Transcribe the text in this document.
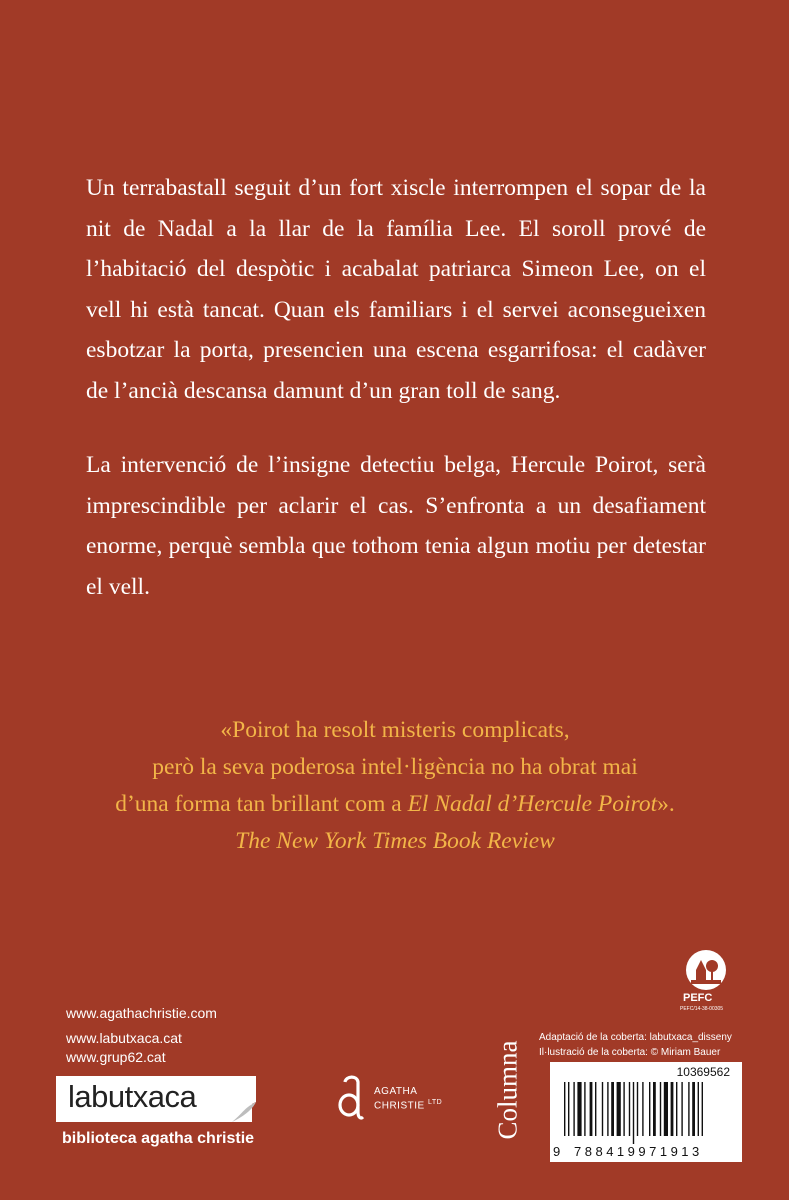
Un terrabastall seguit d’un fort xiscle interrompen el sopar de la nit de Nadal a la llar de la família Lee. El soroll prové de l’habitació del despòtic i acabalat patriarca Simeon Lee, on el vell hi està tancat. Quan els familiars i el servei aconsegueixen esbotzar la porta, presencien una escena esgarrifosa: el cadàver de l’ancià descansa damunt d’un gran toll de sang.

La intervenció de l’insigne detectiu belga, Hercule Poirot, serà imprescindible per aclarir el cas. S’enfronta a un desafiament enorme, perquè sembla que tothom tenia algun motiu per detestar el vell.

«Poirot ha resolt misteris complicats,
però la seva poderosa intel·ligència no ha obrat mai
d’una forma tan brillant com a El Nadal d’Hercule Poirot».
The New York Times Book Review
www.agathachristie.com
www.labutxaca.cat
www.grup62.cat
labutxaca
biblioteca agatha christie
AGATHA
CHRISTIE $^{LTD}$ Columna
PEFC
PEFC/14-38-00305
Adaptació de la coberta: labutxaca_disseny
Il·lustració de la coberta: © Miriam Bauer
10369562
9 788419971913
